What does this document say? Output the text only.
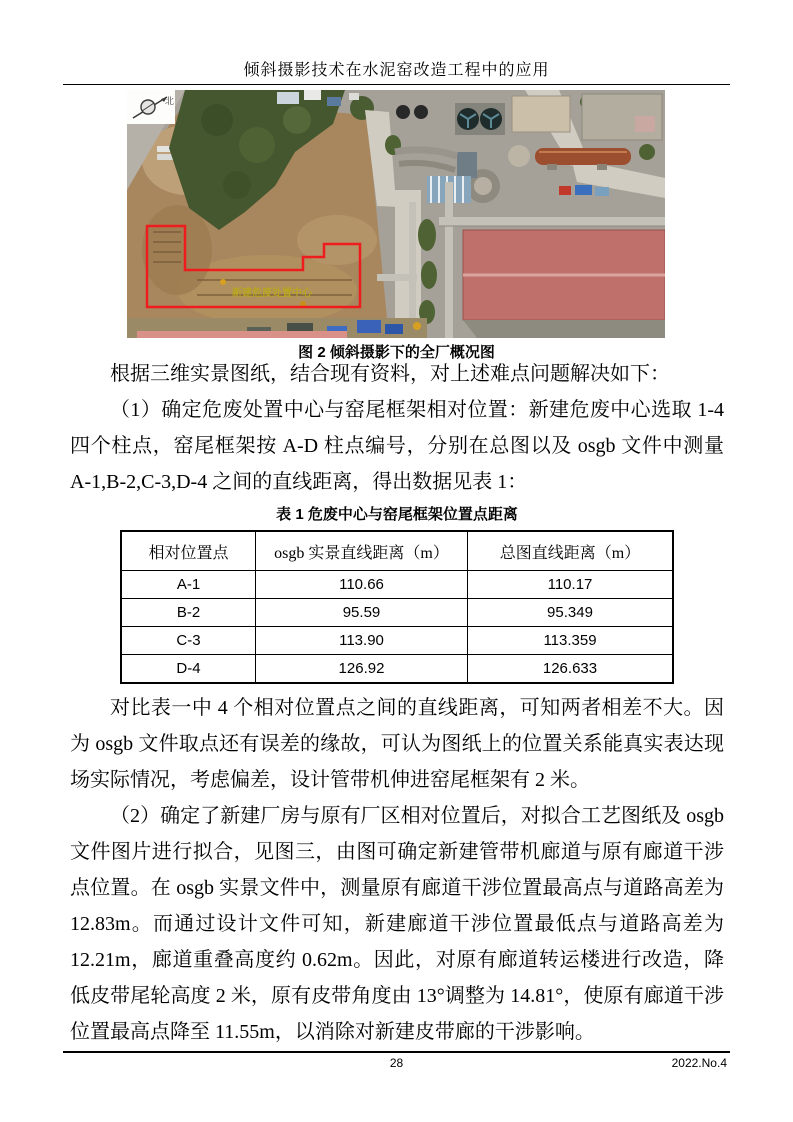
倾斜摄影技术在水泥窑改造工程中的应用
新建危废处置中心
北
图 2 倾斜摄影下的全厂概况图

根据三维实景图纸，结合现有资料，对上述难点问题解决如下：

（1）确定危废处置中心与窑尾框架相对位置：新建危废中心选取 1-4 四个柱点，窑尾框架按 A-D 柱点编号，分别在总图以及 osgb 文件中测量 A-1,B-2,C-3,D-4 之间的直线距离，得出数据见表 1：

表 1 危废中心与窑尾框架位置点距离
相对位置点	osgb 实景直线距离（m）	总图直线距离（m）
A-1	110.66	110.17
B-2	95.59	95.349
C-3	113.90	113.359
D-4	126.92	126.633

对比表一中 4 个相对位置点之间的直线距离，可知两者相差不大。因为 osgb 文件取点还有误差的缘故，可认为图纸上的位置关系能真实表达现场实际情况，考虑偏差，设计管带机伸进窑尾框架有 2 米。

（2）确定了新建厂房与原有厂区相对位置后，对拟合工艺图纸及 osgb 文件图片进行拟合，见图三，由图可确定新建管带机廊道与原有廊道干涉点位置。在 osgb 实景文件中，测量原有廊道干涉位置最高点与道路高差为 12.83m。而通过设计文件可知，新建廊道干涉位置最低点与道路高差为 12.21m，廊道重叠高度约 0.62m。因此，对原有廊道转运楼进行改造，降低皮带尾轮高度 2 米，原有皮带角度由 13°调整为 14.81°，使原有廊道干涉位置最高点降至 11.55m，以消除对新建皮带廊的干涉影响。

28	2022.No.4
